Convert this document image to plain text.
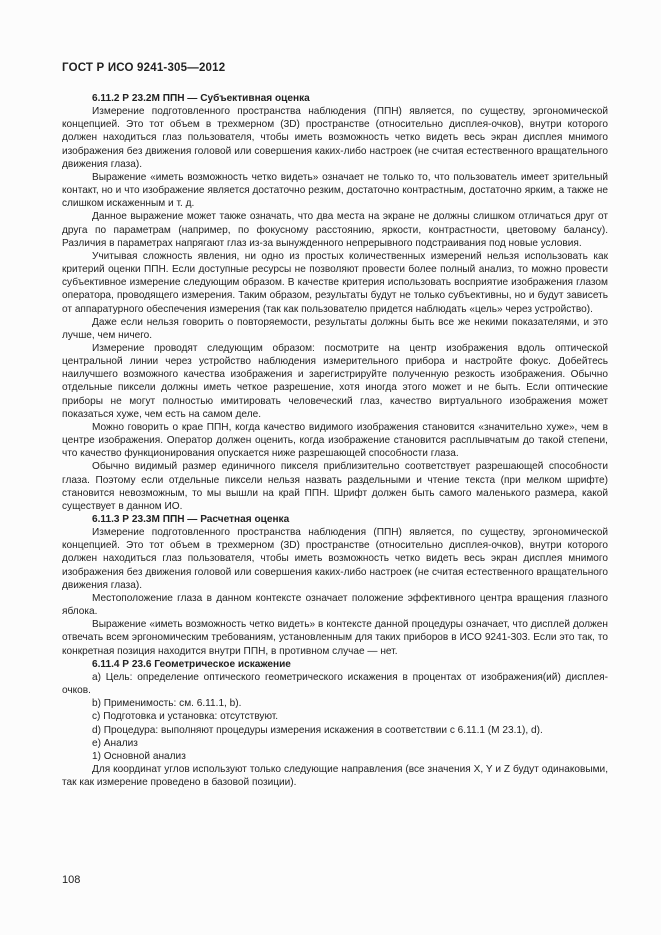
ГОСТ Р ИСО 9241-305—2012

6.11.2 Р 23.2М ППН — Субъективная оценка

Измерение подготовленного пространства наблюдения (ППН) является, по существу, эргономической концепцией. Это тот объем в трехмерном (3D) пространстве (относительно дисплея-очков), внутри которого должен находиться глаз пользователя, чтобы иметь возможность четко видеть весь экран дисплея мнимого изображения без движения головой или совершения каких-либо настроек (не считая естественного вращательного движения глаза).

Выражение «иметь возможность четко видеть» означает не только то, что пользователь имеет зрительный контакт, но и что изображение является достаточно резким, достаточно контрастным, достаточно ярким, а также не слишком искаженным и т. д.

Данное выражение может также означать, что два места на экране не должны слишком отличаться друг от друга по параметрам (например, по фокусному расстоянию, яркости, контрастности, цветовому балансу). Различия в параметрах напрягают глаз из-за вынужденного непрерывного подстраивания под новые условия.

Учитывая сложность явления, ни одно из простых количественных измерений нельзя использовать как критерий оценки ППН. Если доступные ресурсы не позволяют провести более полный анализ, то можно провести субъективное измерение следующим образом. В качестве критерия использовать восприятие изображения глазом оператора, проводящего измерения. Таким образом, результаты будут не только субъективны, но и будут зависеть от аппаратурного обеспечения измерения (так как пользователю придется наблюдать «цель» через устройство).

Даже если нельзя говорить о повторяемости, результаты должны быть все же некими показателями, и это лучше, чем ничего.

Измерение проводят следующим образом: посмотрите на центр изображения вдоль оптической центральной линии через устройство наблюдения измерительного прибора и настройте фокус. Добейтесь наилучшего возможного качества изображения и зарегистрируйте полученную резкость изображения. Обычно отдельные пиксели должны иметь четкое разрешение, хотя иногда этого может и не быть. Если оптические приборы не могут полностью имитировать человеческий глаз, качество виртуального изображения может показаться хуже, чем есть на самом деле.

Можно говорить о крае ППН, когда качество видимого изображения становится «значительно хуже», чем в центре изображения. Оператор должен оценить, когда изображение становится расплывчатым до такой степени, что качество функционирования опускается ниже разрешающей способности глаза.

Обычно видимый размер единичного пикселя приблизительно соответствует разрешающей способности глаза. Поэтому если отдельные пиксели нельзя назвать раздельными и чтение текста (при мелком шрифте) становится невозможным, то мы вышли на край ППН. Шрифт должен быть самого маленького размера, какой существует в данном ИО.

6.11.3 Р 23.3М ППН — Расчетная оценка

Измерение подготовленного пространства наблюдения (ППН) является, по существу, эргономической концепцией. Это тот объем в трехмерном (3D) пространстве (относительно дисплея-очков), внутри которого должен находиться глаз пользователя, чтобы иметь возможность четко видеть весь экран дисплея мнимого изображения без движения головой или совершения каких-либо настроек (не считая естественного вращательного движения глаза).

Местоположение глаза в данном контексте означает положение эффективного центра вращения глазного яблока.

Выражение «иметь возможность четко видеть» в контексте данной процедуры означает, что дисплей должен отвечать всем эргономическим требованиям, установленным для таких приборов в ИСО 9241-303. Если это так, то конкретная позиция находится внутри ППН, в противном случае — нет.

6.11.4 Р 23.6 Геометрическое искажение

а) Цель: определение оптического геометрического искажения в процентах от изображения(ий) дисплея-очков.

b) Применимость: см. 6.11.1, b).

c) Подготовка и установка: отсутствуют.

d) Процедура: выполняют процедуры измерения искажения в соответствии с 6.11.1 (М 23.1), d).

e) Анализ

1) Основной анализ

Для координат углов используют только следующие направления (все значения X, Y и Z будут одинаковыми, так как измерение проведено в базовой позиции).

108
